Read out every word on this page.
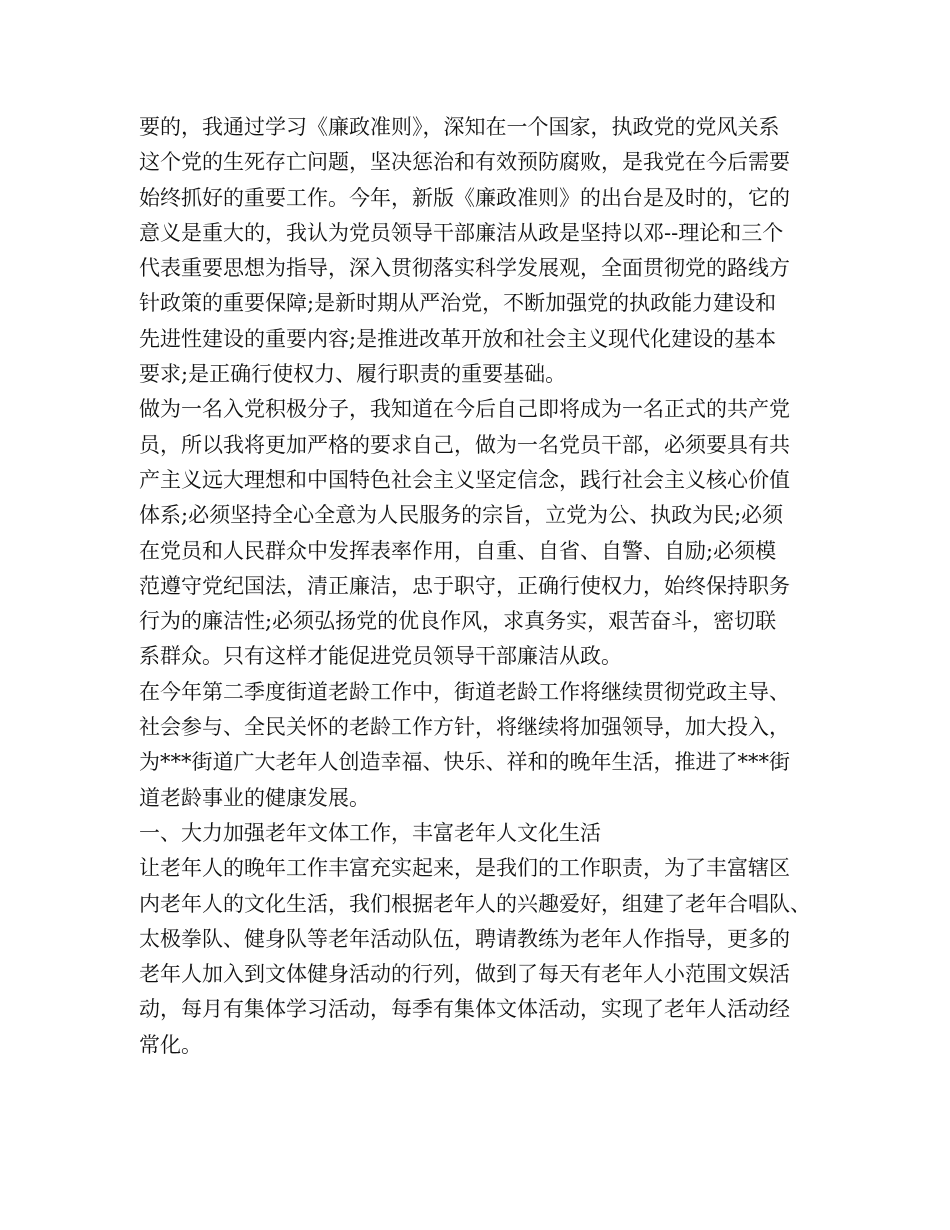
要的，我通过学习《廉政准则》，深知在一个国家，执政党的党风关系

这个党的生死存亡问题，坚决惩治和有效预防腐败，是我党在今后需要

始终抓好的重要工作。今年，新版《廉政准则》的出台是及时的，它的

意义是重大的，我认为党员领导干部廉洁从政是坚持以邓--理论和三个

代表重要思想为指导，深入贯彻落实科学发展观，全面贯彻党的路线方

针政策的重要保障;是新时期从严治党，不断加强党的执政能力建设和

先进性建设的重要内容;是推进改革开放和社会主义现代化建设的基本

要求;是正确行使权力、履行职责的重要基础。

做为一名入党积极分子，我知道在今后自己即将成为一名正式的共产党

员，所以我将更加严格的要求自己，做为一名党员干部，必须要具有共

产主义远大理想和中国特色社会主义坚定信念，践行社会主义核心价值

体系;必须坚持全心全意为人民服务的宗旨，立党为公、执政为民;必须

在党员和人民群众中发挥表率作用，自重、自省、自警、自励;必须模

范遵守党纪国法，清正廉洁，忠于职守，正确行使权力，始终保持职务

行为的廉洁性;必须弘扬党的优良作风，求真务实，艰苦奋斗，密切联

系群众。只有这样才能促进党员领导干部廉洁从政。

在今年第二季度街道老龄工作中，街道老龄工作将继续贯彻党政主导、

社会参与、全民关怀的老龄工作方针，将继续将加强领导，加大投入，

为***街道广大老年人创造幸福、快乐、祥和的晚年生活，推进了***街

道老龄事业的健康发展。

一、大力加强老年文体工作，丰富老年人文化生活

让老年人的晚年工作丰富充实起来，是我们的工作职责，为了丰富辖区

内老年人的文化生活，我们根据老年人的兴趣爱好，组建了老年合唱队、

太极拳队、健身队等老年活动队伍，聘请教练为老年人作指导，更多的

老年人加入到文体健身活动的行列，做到了每天有老年人小范围文娱活

动，每月有集体学习活动，每季有集体文体活动，实现了老年人活动经

常化。
